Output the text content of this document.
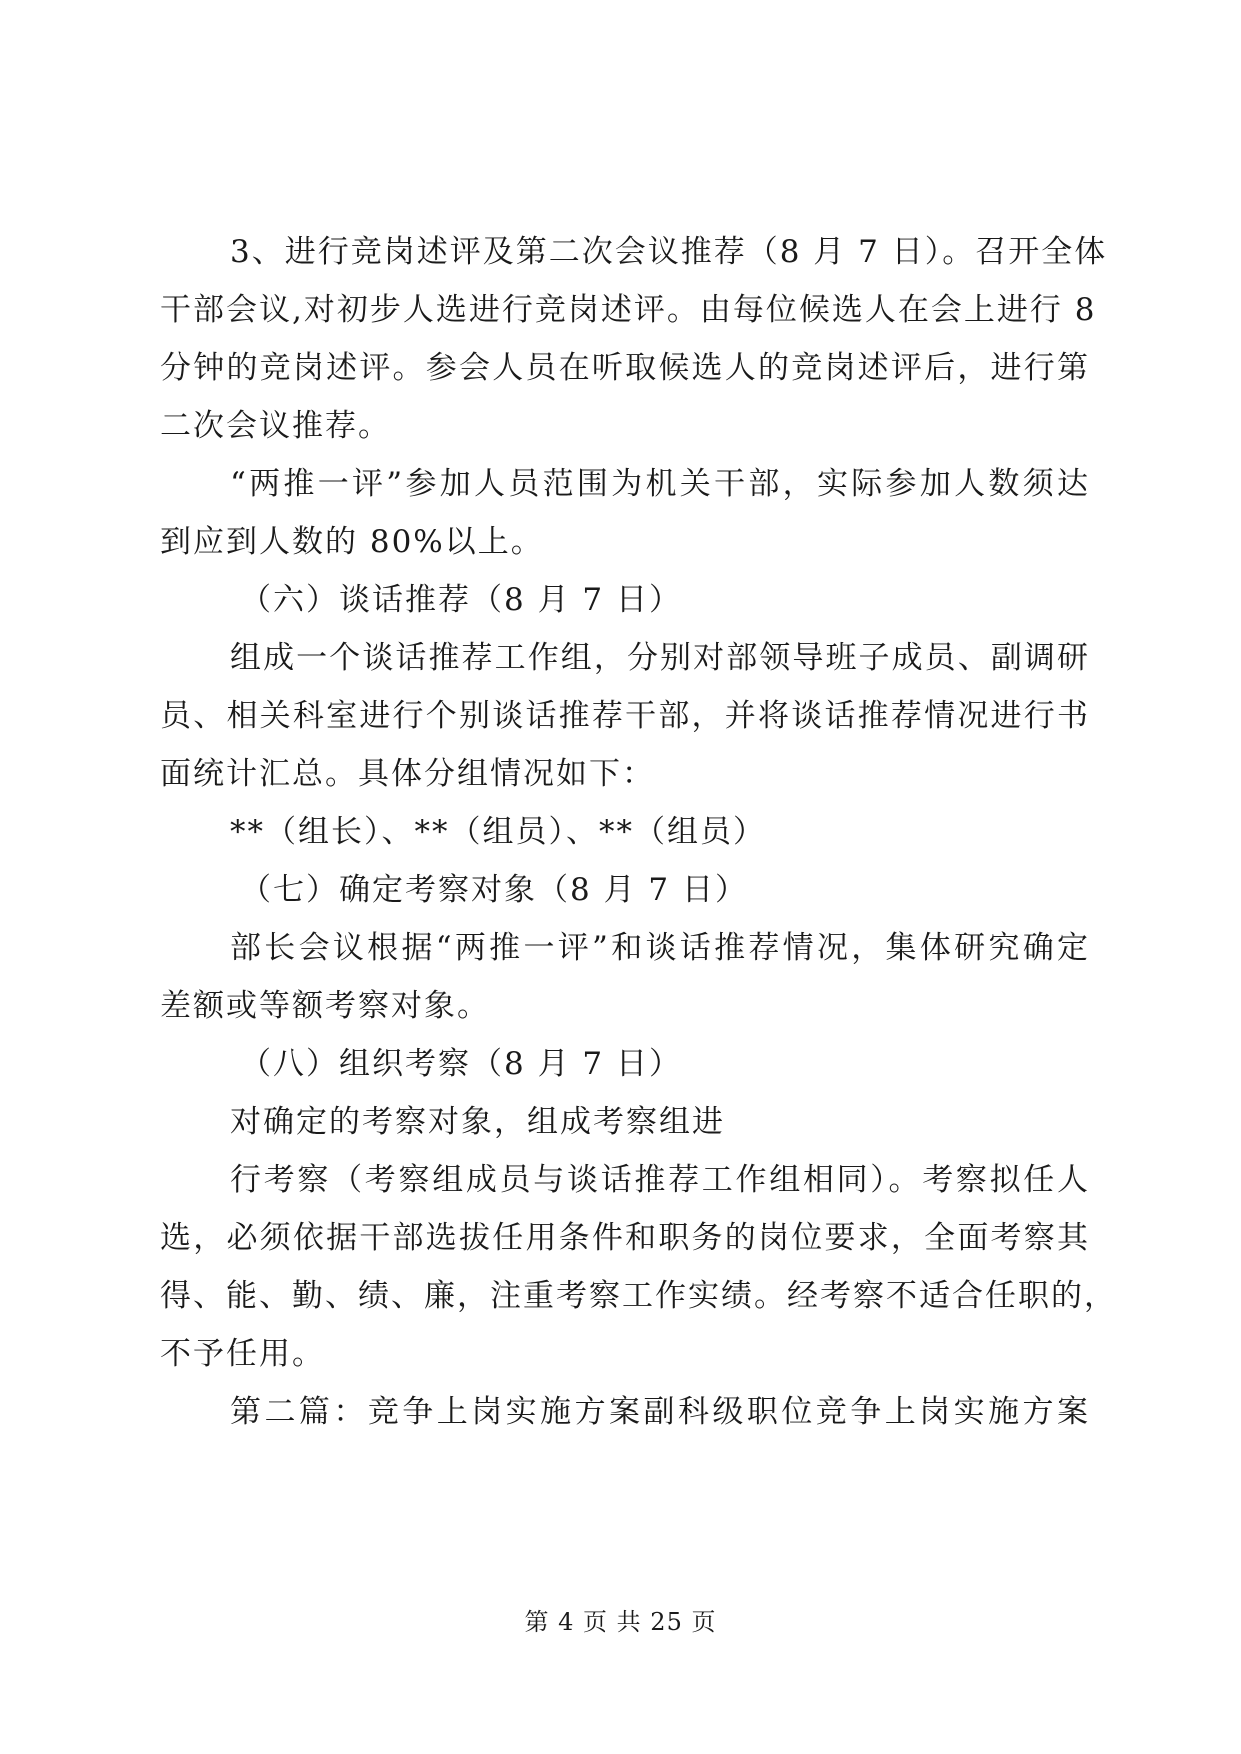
3、进行竞岗述评及第二次会议推荐（8 月 7 日）。召开全体
干部会议,对初步人选进行竞岗述评。由每位候选人在会上进行 8
分钟的竞岗述评。参会人员在听取候选人的竞岗述评后，进行第
二次会议推荐。
“两推一评”参加人员范围为机关干部，实际参加人数须达
到应到人数的 80%以上。
（六）谈话推荐（8 月 7 日）
组成一个谈话推荐工作组，分别对部领导班子成员、副调研
员、相关科室进行个别谈话推荐干部，并将谈话推荐情况进行书
面统计汇总。具体分组情况如下：
**（组长）、**（组员）、**（组员）
（七）确定考察对象（8 月 7 日）
部长会议根据“两推一评”和谈话推荐情况，集体研究确定
差额或等额考察对象。
（八）组织考察（8 月 7 日）
对确定的考察对象，组成考察组进
行考察（考察组成员与谈话推荐工作组相同）。考察拟任人
选，必须依据干部选拔任用条件和职务的岗位要求，全面考察其
得、能、勤、绩、廉，注重考察工作实绩。经考察不适合任职的，
不予任用。
第二篇：竞争上岗实施方案副科级职位竞争上岗实施方案
第 4 页 共 25 页
